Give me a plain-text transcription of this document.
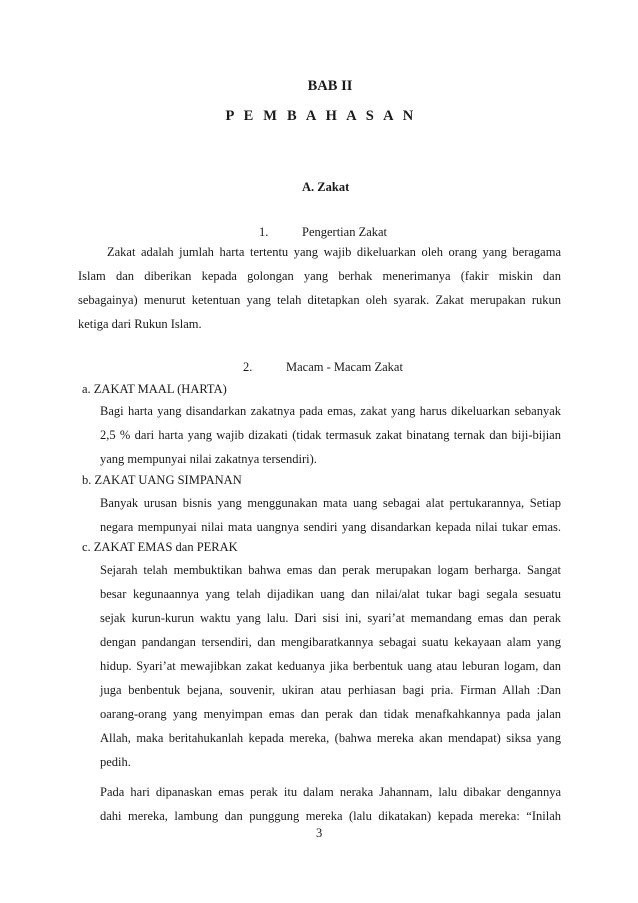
BAB II
P E M B A H A S A N
A. Zakat
1.	Pengertian Zakat
Zakat adalah jumlah harta tertentu yang wajib dikeluarkan oleh orang yang beragama
Islam dan diberikan kepada golongan yang berhak menerimanya (fakir miskin dan
sebagainya) menurut ketentuan yang telah ditetapkan oleh syarak. Zakat merupakan rukun
ketiga dari Rukun Islam.
2.	Macam - Macam Zakat
a. ZAKAT MAAL (HARTA)
Bagi harta yang disandarkan zakatnya pada emas, zakat yang harus dikeluarkan sebanyak
2,5 % dari harta yang wajib dizakati (tidak termasuk zakat binatang ternak dan biji-bijian
yang mempunyai nilai zakatnya tersendiri).
b. ZAKAT UANG SIMPANAN
Banyak urusan bisnis yang menggunakan mata uang sebagai alat pertukarannya, Setiap
negara mempunyai nilai mata uangnya sendiri yang disandarkan kepada nilai tukar emas.
c. ZAKAT EMAS dan PERAK
Sejarah telah membuktikan bahwa emas dan perak merupakan logam berharga. Sangat
besar kegunaannya yang telah dijadikan uang dan nilai/alat tukar bagi segala sesuatu
sejak kurun-kurun waktu yang lalu. Dari sisi ini, syari’at memandang emas dan perak
dengan pandangan tersendiri, dan mengibaratkannya sebagai suatu kekayaan alam yang
hidup. Syari’at mewajibkan zakat keduanya jika berbentuk uang atau leburan logam, dan
juga benbentuk bejana, souvenir, ukiran atau perhiasan bagi pria. Firman Allah :Dan
oarang-orang yang menyimpan emas dan perak dan tidak menafkahkannya pada jalan
Allah, maka beritahukanlah kepada mereka, (bahwa mereka akan mendapat) siksa yang
pedih.
Pada hari dipanaskan emas perak itu dalam neraka Jahannam, lalu dibakar dengannya
dahi mereka, lambung dan punggung mereka (lalu dikatakan) kepada mereka: “Inilah
3
